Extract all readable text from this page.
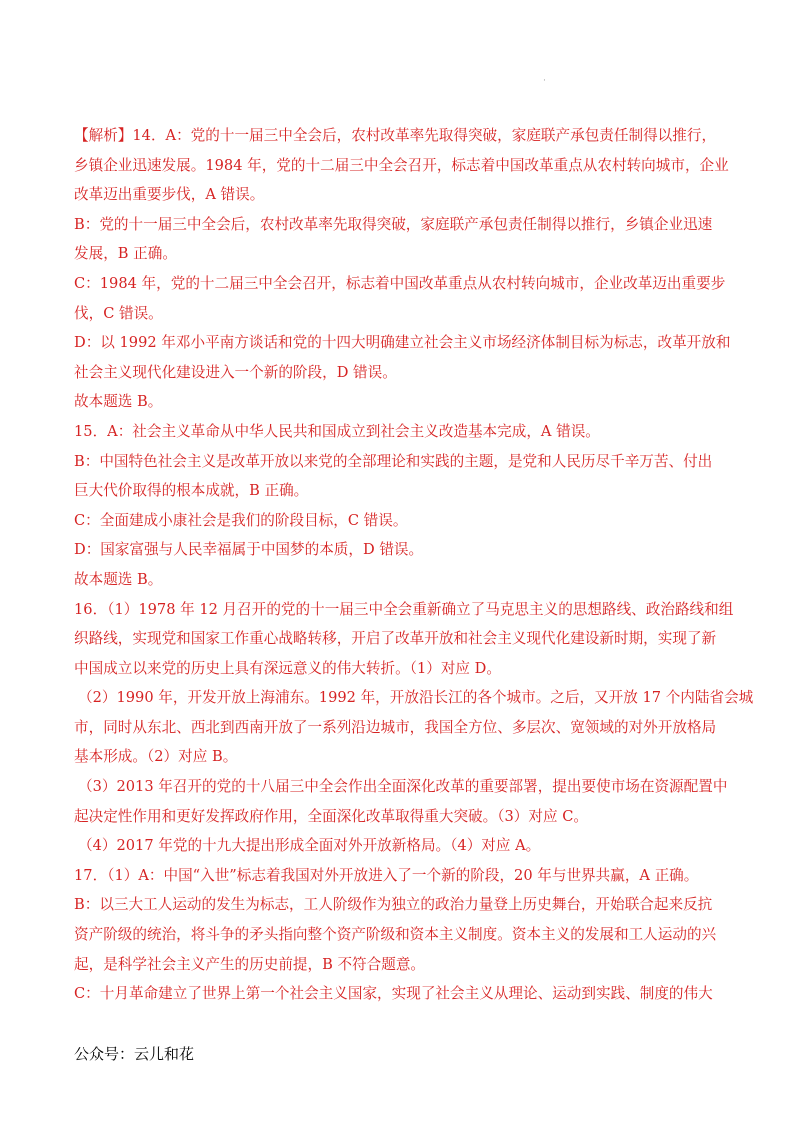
·
【解析】14．A：党的十一届三中全会后，农村改革率先取得突破，家庭联产承包责任制得以推行，
乡镇企业迅速发展。1984 年，党的十二届三中全会召开，标志着中国改革重点从农村转向城市，企业
改革迈出重要步伐，A 错误。
B：党的十一届三中全会后，农村改革率先取得突破，家庭联产承包责任制得以推行，乡镇企业迅速
发展，B 正确。
C：1984 年，党的十二届三中全会召开，标志着中国改革重点从农村转向城市，企业改革迈出重要步
伐，C 错误。
D：以 1992 年邓小平南方谈话和党的十四大明确建立社会主义市场经济体制目标为标志，改革开放和
社会主义现代化建设进入一个新的阶段，D 错误。
故本题选 B。
15．A：社会主义革命从中华人民共和国成立到社会主义改造基本完成，A 错误。
B：中国特色社会主义是改革开放以来党的全部理论和实践的主题，是党和人民历尽千辛万苦、付出
巨大代价取得的根本成就，B 正确。
C：全面建成小康社会是我们的阶段目标，C 错误。
D：国家富强与人民幸福属于中国梦的本质，D 错误。
故本题选 B。
16．（1）1978 年 12 月召开的党的十一届三中全会重新确立了马克思主义的思想路线、政治路线和组
织路线，实现党和国家工作重心战略转移，开启了改革开放和社会主义现代化建设新时期，实现了新
中国成立以来党的历史上具有深远意义的伟大转折。（1）对应 D。
（2）1990 年，开发开放上海浦东。1992 年，开放沿长江的各个城市。之后，又开放 17 个内陆省会城
市，同时从东北、西北到西南开放了一系列沿边城市，我国全方位、多层次、宽领域的对外开放格局
基本形成。（2）对应 B。
（3）2013 年召开的党的十八届三中全会作出全面深化改革的重要部署，提出要使市场在资源配置中
起决定性作用和更好发挥政府作用，全面深化改革取得重大突破。（3）对应 C。
（4）2017 年党的十九大提出形成全面对外开放新格局。（4）对应 A。
17．（1）A：中国“入世”标志着我国对外开放进入了一个新的阶段，20 年与世界共赢，A 正确。
B：以三大工人运动的发生为标志，工人阶级作为独立的政治力量登上历史舞台，开始联合起来反抗
资产阶级的统治，将斗争的矛头指向整个资产阶级和资本主义制度。资本主义的发展和工人运动的兴
起，是科学社会主义产生的历史前提，B 不符合题意。
C：十月革命建立了世界上第一个社会主义国家，实现了社会主义从理论、运动到实践、制度的伟大
公众号：云儿和花
